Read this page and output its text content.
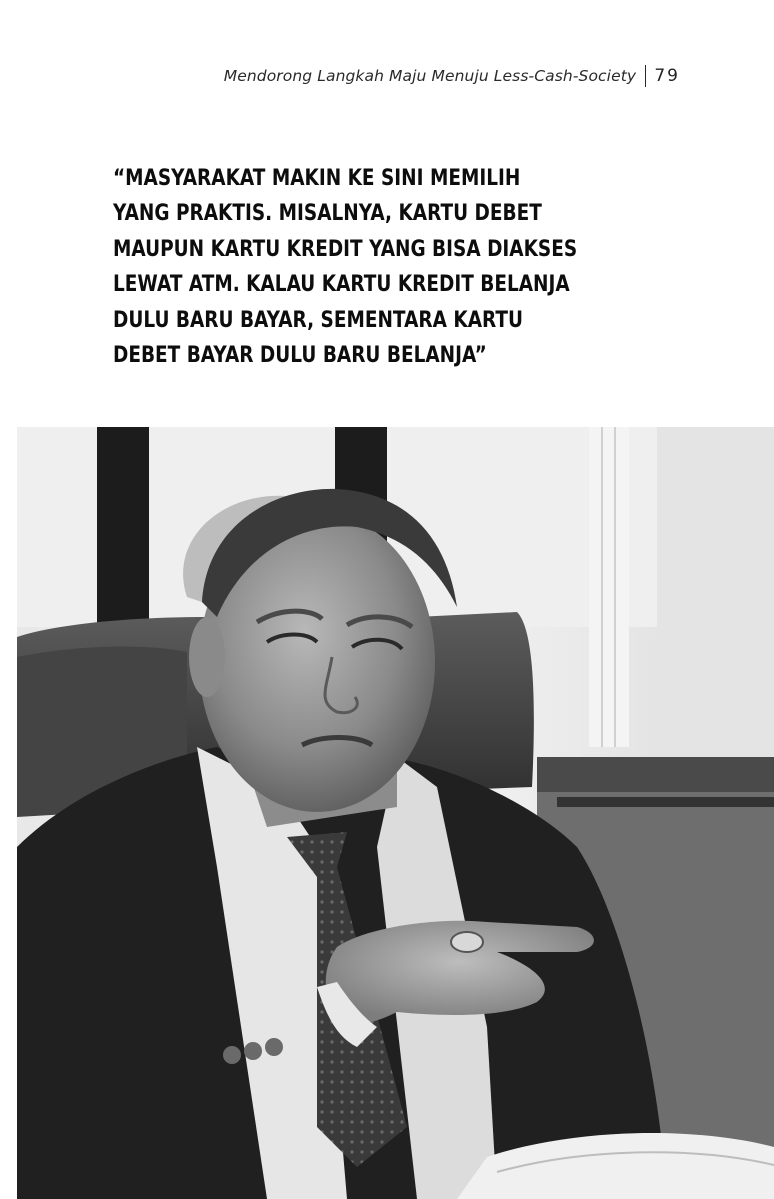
Mendorong Langkah Maju Menuju Less-Cash-Society 79

“MASYARAKAT MAKIN KE SINI MEMILIH
YANG PRAKTIS. MISALNYA, KARTU DEBET
MAUPUN KARTU KREDIT YANG BISA DIAKSES
LEWAT ATM. KALAU KARTU KREDIT BELANJA
DULU BARU BAYAR, SEMENTARA KARTU
DEBET BAYAR DULU BARU BELANJA”
